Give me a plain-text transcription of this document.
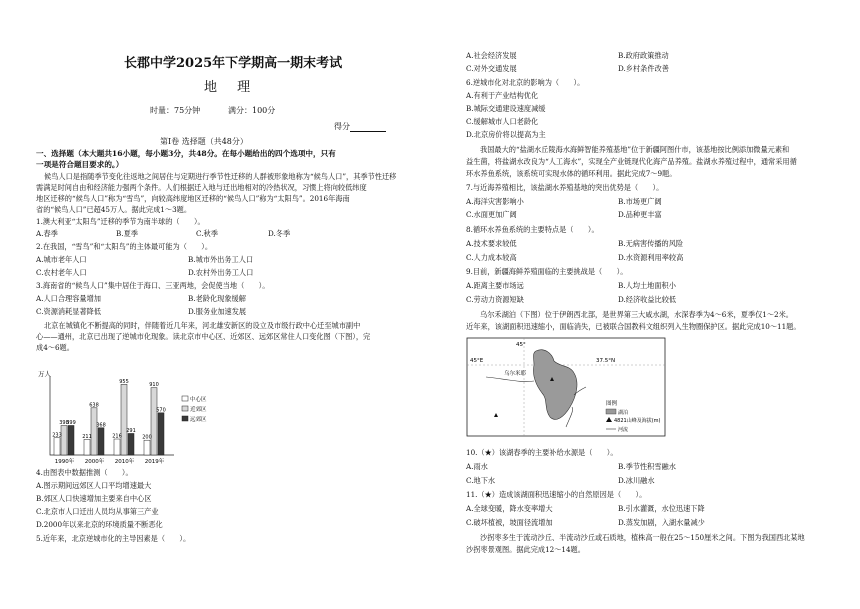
长郡中学2025年下学期高一期末考试
地 理
时量：75分钟	满分：100分
得分
第Ⅰ卷 选择题（共48分）
一、选择题（本大题共16小题，每小题3分，共48分。在每小题给出的四个选项中，只有
一项是符合题目要求的。）
候鸟人口是指随季节变化往返地之间居住与定期进行季节性迁移的人群被形象地称为“候鸟人口”，其季节性迁移
需满足时间自由和经济能力强两个条件。人们根据迁入地与迁出地相对的冷热状况，习惯上将向较低纬度
地区迁移的“候鸟人口”称为“雪鸟”，向较高纬度地区迁移的“候鸟人口”称为“太阳鸟”。2016年海南
省的“候鸟人口”已超45万人。据此完成1～3题。
1.澳大利亚“太阳鸟”迁移的季节为南半球的（　　）。
A.春季	B.夏季	C.秋季	D.冬季
2.在我国，“雪鸟”和“太阳鸟”的主体最可能为（　　）。
A.城市老年人口	B.城市外出务工人口
C.农村老年人口	D.农村外出务工人口
3.海南省的“候鸟人口”集中居住于海口、三亚两地，会促使当地（　　）。
A.人口合理容量增加	B.老龄化现象缓解
C.资源消耗显著降低	D.服务业加速发展
北京在城镇化不断提高的同时，伴随着近几年来，河北雄安新区的设立及市级行政中心迁至城市副中
心——通州，北京已出现了逆城市化现象。读北京市中心区、近郊区、远郊区常住人口变化图（下图），完
成4～6题。
万人
233
398
399
1990年
211
638
368
2000年
216
955
291
2010年
200
910
570
2019年
中心区
近郊区
远郊区
4.由图表中数据推测（　　）。
A.图示期间远郊区人口平均增速最大
B.郊区人口快速增加主要来自中心区
C.北京市人口迁出人员均从事第三产业
D.2000年以来北京的环境质量不断恶化
5.近年来，北京逆城市化的主导因素是（　　）。
A.社会经济发展	B.政府政策推动
C.对外交通发展	D.乡村条件改善
6.逆城市化对北京的影响为（　　）。
A.有利于产业结构优化
B.城际交通建设速度减缓
C.缓解城市人口老龄化
D.北京房价将以提高为主
我国最大的“盐湖水丘陵海水海鲜智能养殖基地”位于新疆阿图什市，该基地按比例添加微量元素和
益生菌，将盐湖水改良为“人工海水”，实现全产业链现代化海产品养殖。盐湖水养殖过程中，通常采用循
环水养鱼系统，该系统可实现水体的循环利用。据此完成7～9题。
7.与近海养殖相比，该盐湖水养殖基地的突出优势是（　　）。
A.海洋灾害影响小	B.市场更广阔
C.水面更加广阔	D.品种更丰富
8.循环水养鱼系统的主要特点是（　　）。
A.技术要求较低	B.无病害传播的风险
C.人力成本较高	D.水资源利用率较高
9.目前，新疆海鲜养殖面临的主要挑战是（　　）。
A.距离主要市场远	B.人均土地面积小
C.劳动力资源短缺	D.经济收益比较低
乌尔禾湖泊（下图）位于伊朗西北部，是世界第三大咸水湖，水深春季为4～6米，夏季仅1～2米。
近年来，该湖面积迅速缩小，面临消失，已被联合国教科文组织列入生物圈保护区。据此完成10～11题。
45°
37.5°N
45°E
乌尔米耶
图例
湖泊
4821山峰及海拔(m)
河流
10.（★）该湖春季的主要补给水源是（　　）。
A.雨水	B.季节性积雪融水
C.地下水	D.冰川融水
11.（★）造成该湖面积迅速缩小的自然原因是（　　）。
A.全球变暖，降水变率增大	B.引水灌溉，水位迅速下降
C.破坏植被，坡面径流增加	D.蒸发加剧，入湖水量减少
沙拐枣多生于流动沙丘、半流动沙丘或石质地，植株高一般在25～150厘米之间。下图为我国西北某地
沙拐枣景观图。据此完成12～14题。
